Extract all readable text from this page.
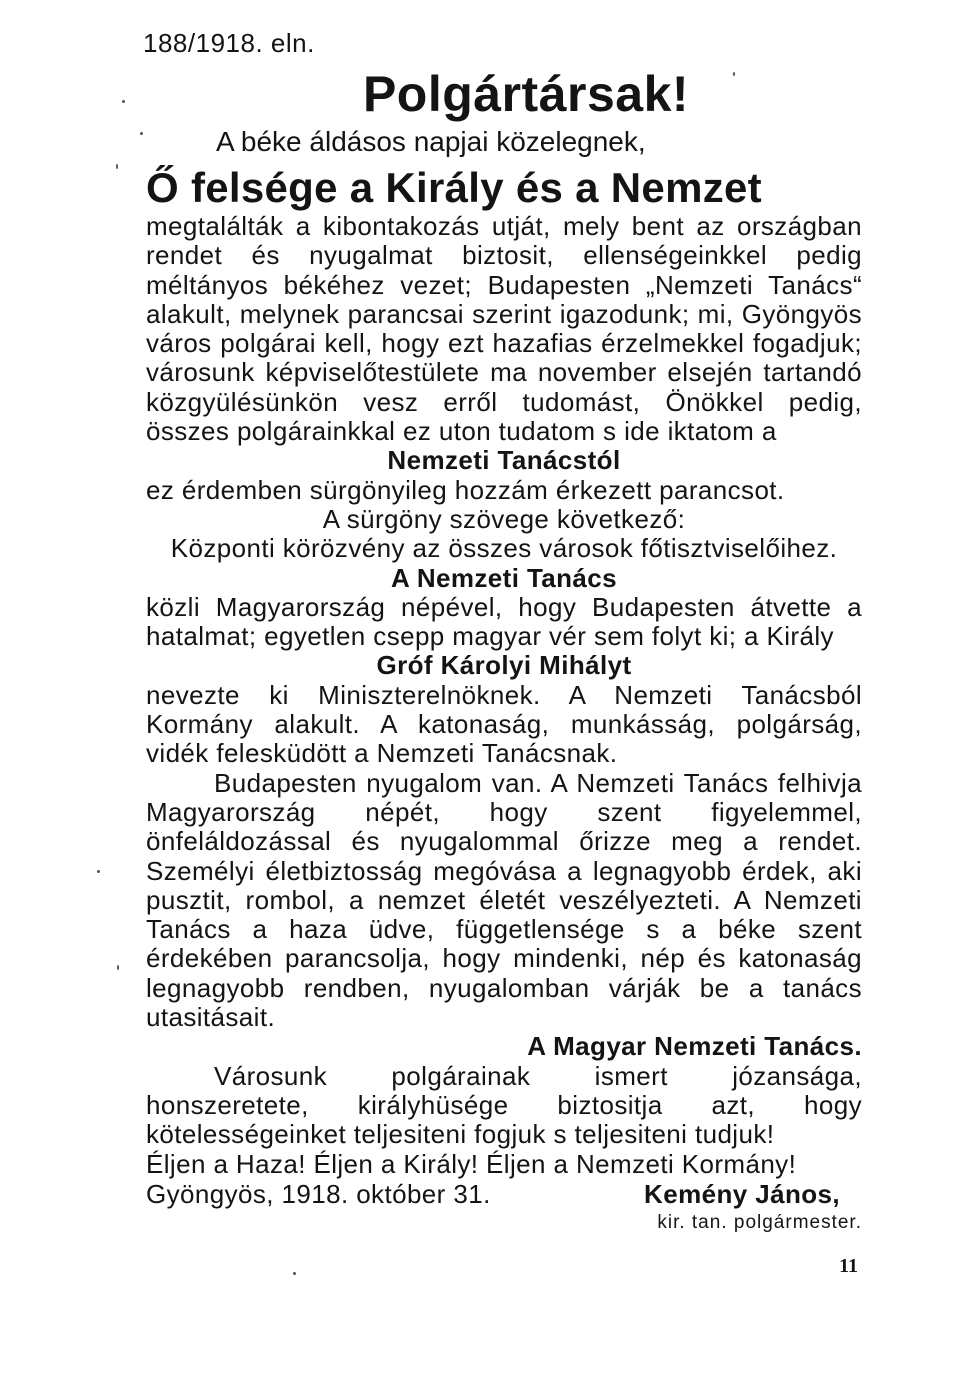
188/1918. eln.
Polgártársak!
A béke áldásos napjai közelegnek,
Ő felsége a Király és a Nemzet

megtalálták a kibontakozás utját, mely bent az országban rendet és nyugalmat biztosit, ellenségeinkkel pedig méltányos békéhez vezet; Budapesten „Nemzeti Tanács“ alakult, melynek parancsai szerint igazodunk; mi, Gyöngyös város polgárai kell, hogy ezt hazafias érzelmekkel fogadjuk; városunk képviselőtestülete ma november elsején tartandó közgyülésünkön vesz erről tudomást, Önökkel pedig, összes polgárainkkal ez uton tudatom s ide iktatom a

Nemzeti Tanácstól

ez érdemben sürgönyileg hozzám érkezett parancsot.

A sürgöny szövege következő:

Központi körözvény az összes városok főtisztviselőihez.

A Nemzeti Tanács

közli Magyarország népével, hogy Budapesten átvette a hatalmat; egyetlen csepp magyar vér sem folyt ki; a Király

Gróf Károlyi Mihályt

nevezte ki Miniszterelnöknek. A Nemzeti Tanácsból Kormány alakult. A katonaság, munkásság, polgárság, vidék felesküdött a Nemzeti Tanácsnak.

Budapesten nyugalom van. A Nemzeti Tanács felhivja Magyarország népét, hogy szent figyelemmel, önfeláldozással és nyugalommal őrizze meg a rendet. Személyi életbiztosság megóvása a legnagyobb érdek, aki pusztit, rombol, a nemzet életét veszélyezteti. A Nemzeti Tanács a haza üdve, függetlensége s a béke szent érdekében parancsolja, hogy mindenki, nép és katonaság legnagyobb rendben, nyugalomban várják be a tanács utasitásait.

A Magyar Nemzeti Tanács.

Városunk polgárainak ismert józansága, honszeretete, királyhüsége biztositja azt, hogy kötelességeinket teljesiteni fogjuk s teljesiteni tudjuk!

Éljen a Haza! Éljen a Király! Éljen a Nemzeti Kormány!

Gyöngyös, 1918. október 31.	Kemény János,
kir. tan. polgármester.
11
